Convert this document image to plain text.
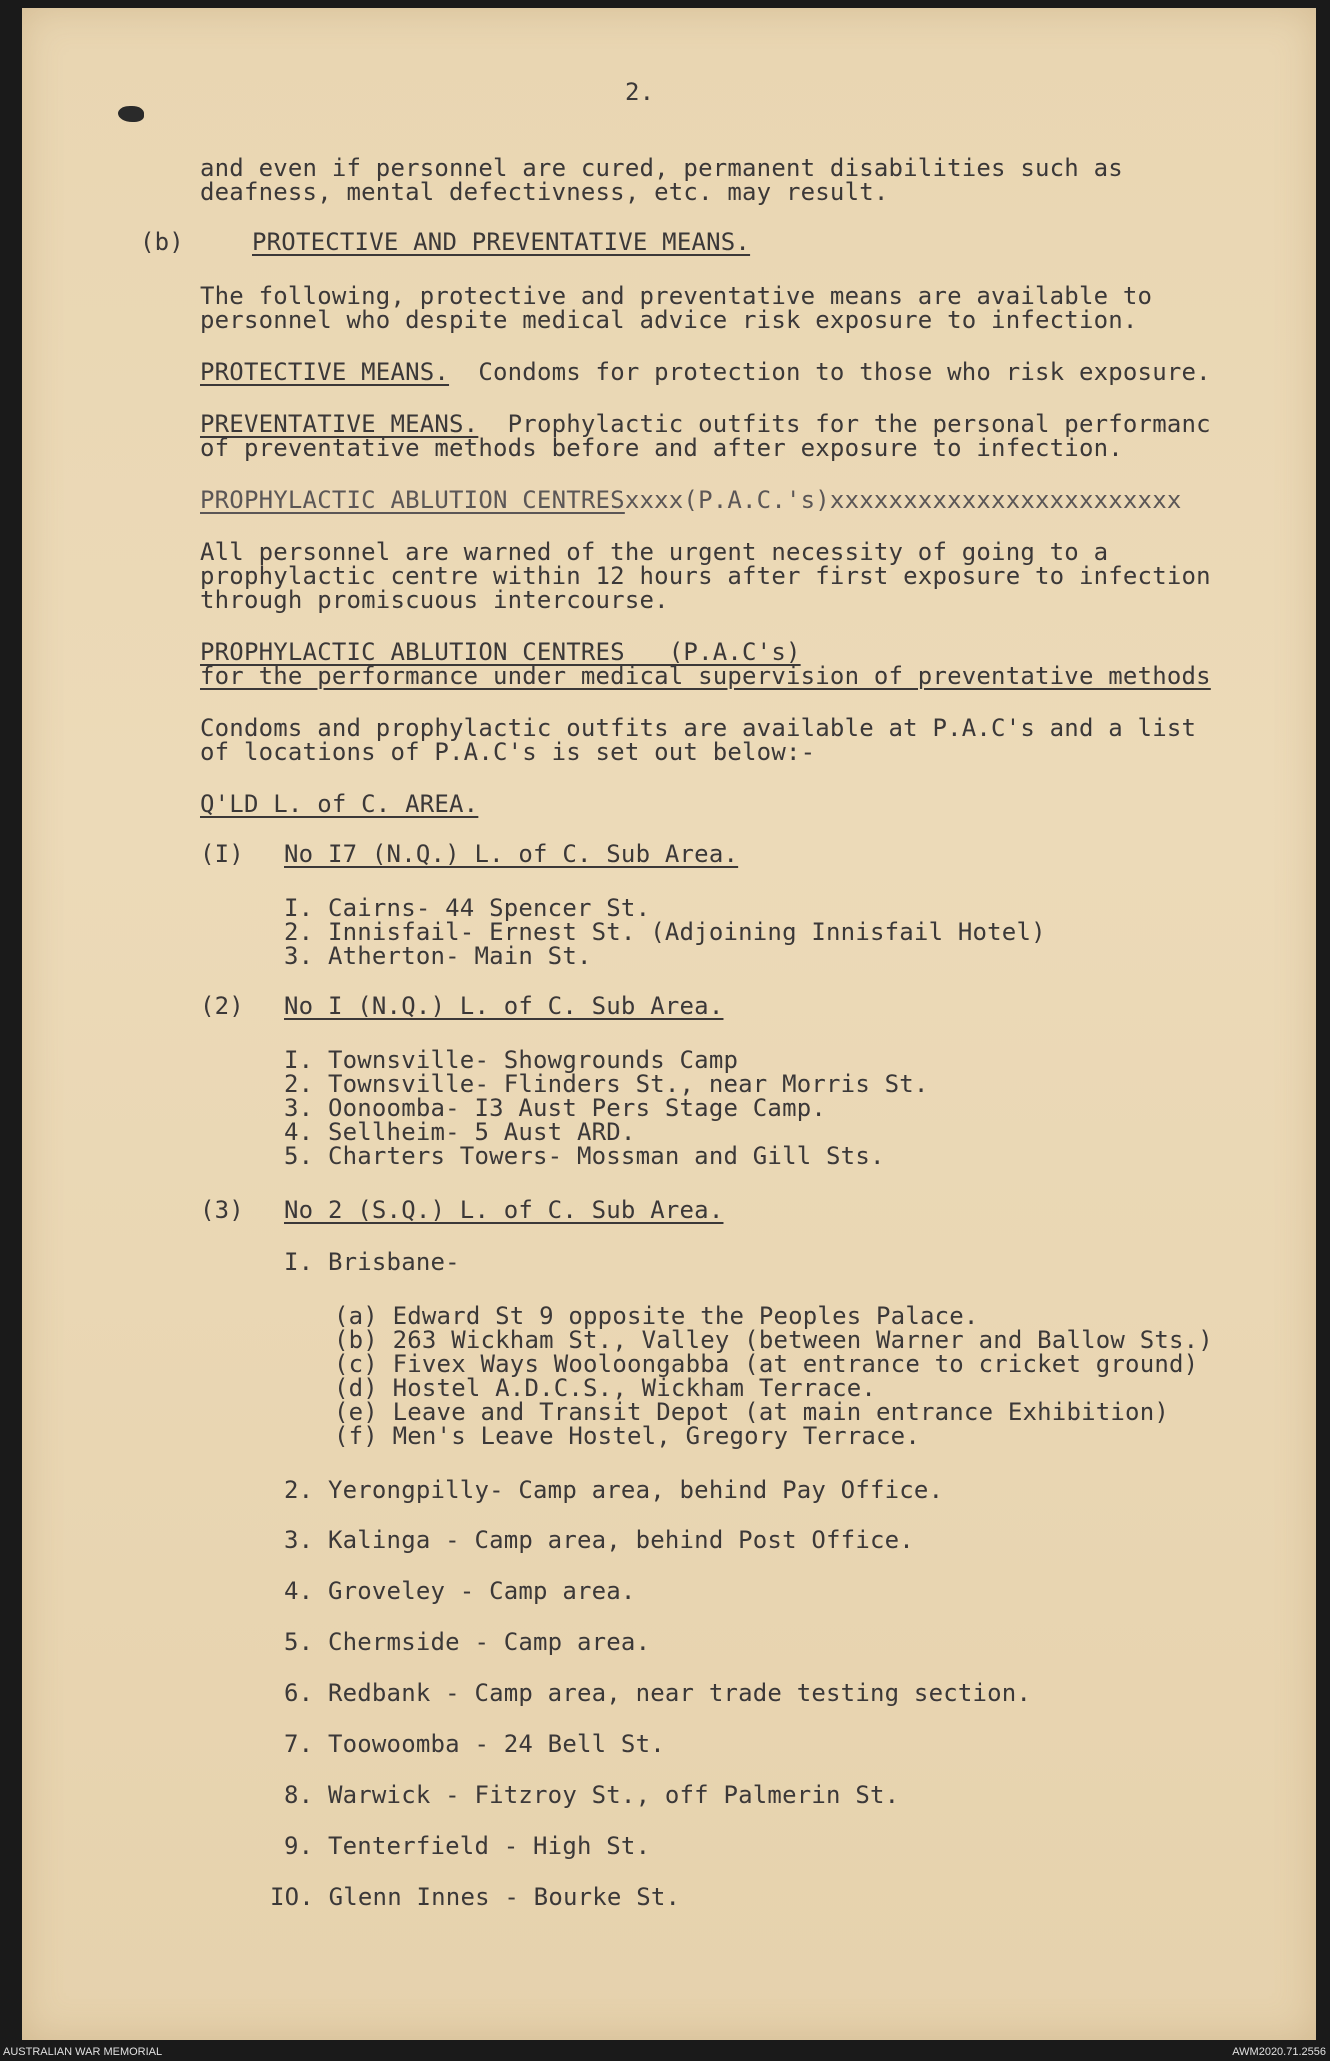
2.
and even if personnel are cured, permanent disabilities such as
deafness, mental defectivness, etc. may result.
(b)	PROTECTIVE AND PREVENTATIVE MEANS.
The following, protective and preventative means are available to
personnel who despite medical advice risk exposure to infection.
PROTECTIVE MEANS.  Condoms for protection to those who risk exposure.
PREVENTATIVE MEANS.  Prophylactic outfits for the personal performanc
of preventative methods before and after exposure to infection.
PROPHYLACTIC ABLUTION CENTRESxxxx(P.A.C.'s)xxxxxxxxxxxxxxxxxxxxxxxx
All personnel are warned of the urgent necessity of going to a
prophylactic centre within 12 hours after first exposure to infection
through promiscuous intercourse.
PROPHYLACTIC ABLUTION CENTRES   (P.A.C's)
for the performance under medical supervision of preventative methods
Condoms and prophylactic outfits are available at P.A.C's and a list
of locations of P.A.C's is set out below:-
Q'LD L. of C. AREA.
(I) No I7 (N.Q.) L. of C. Sub Area.
I. Cairns- 44 Spencer St.
2. Innisfail- Ernest St. (Adjoining Innisfail Hotel)
3. Atherton- Main St.
(2) No I (N.Q.) L. of C. Sub Area.
I. Townsville- Showgrounds Camp
2. Townsville- Flinders St., near Morris St.
3. Oonoomba- I3 Aust Pers Stage Camp.
4. Sellheim- 5 Aust ARD.
5. Charters Towers- Mossman and Gill Sts.
(3) No 2 (S.Q.) L. of C. Sub Area.
I. Brisbane-
(a) Edward St 9 opposite the Peoples Palace.
(b) 263 Wickham St., Valley (between Warner and Ballow Sts.)
(c) Fivex Ways Wooloongabba (at entrance to cricket ground)
(d) Hostel A.D.C.S., Wickham Terrace.
(e) Leave and Transit Depot (at main entrance Exhibition)
(f) Men's Leave Hostel, Gregory Terrace.
2. Yerongpilly- Camp area, behind Pay Office.
3. Kalinga - Camp area, behind Post Office.
4. Groveley - Camp area.
5. Chermside - Camp area.
6. Redbank - Camp area, near trade testing section.
7. Toowoomba - 24 Bell St.
8. Warwick - Fitzroy St., off Palmerin St.
9. Tenterfield - High St.
IO. Glenn Innes - Bourke St.
AUSTRALIAN WAR MEMORIAL	AWM2020.71.2556
